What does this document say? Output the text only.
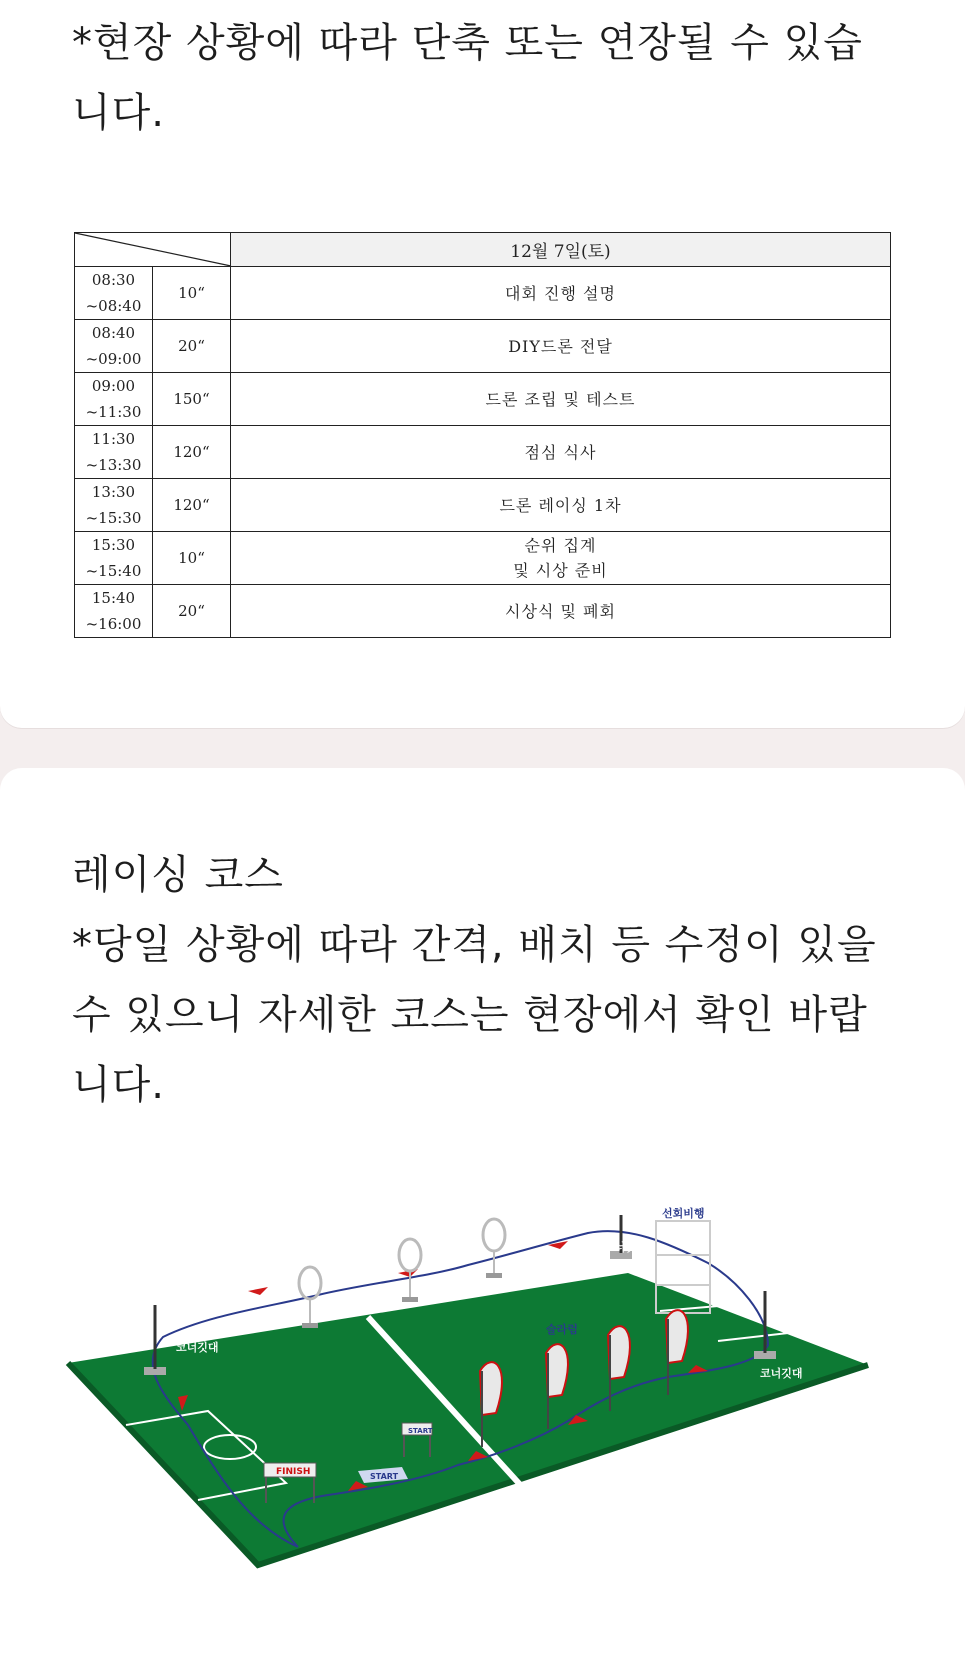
*현장 상황에 따라 단축 또는 연장될 수 있습
니다.

	12월 7일(토)
08:30
~08:40	10“	대회 진행 설명

08:40
~09:00	20“	DIY드론 전달

09:00
~11:30	150“	드론 조립 및 테스트

11:30
~13:30	120“	점심 식사

13:30
~15:30	120“	드론 레이싱 1차

15:30
~15:40	10“	순위 집계
및 시상 준비

15:40
~16:00	20“	시상식 및 폐회

레이싱 코스

*당일 상황에 따라 간격, 배치 등 수정이 있을
수 있으니 자세한 코스는 현장에서 확인 바랍
니다.

코너깃대
코너깃대
코너깃대
선회비행
슬라럼
FINISH	START
START
